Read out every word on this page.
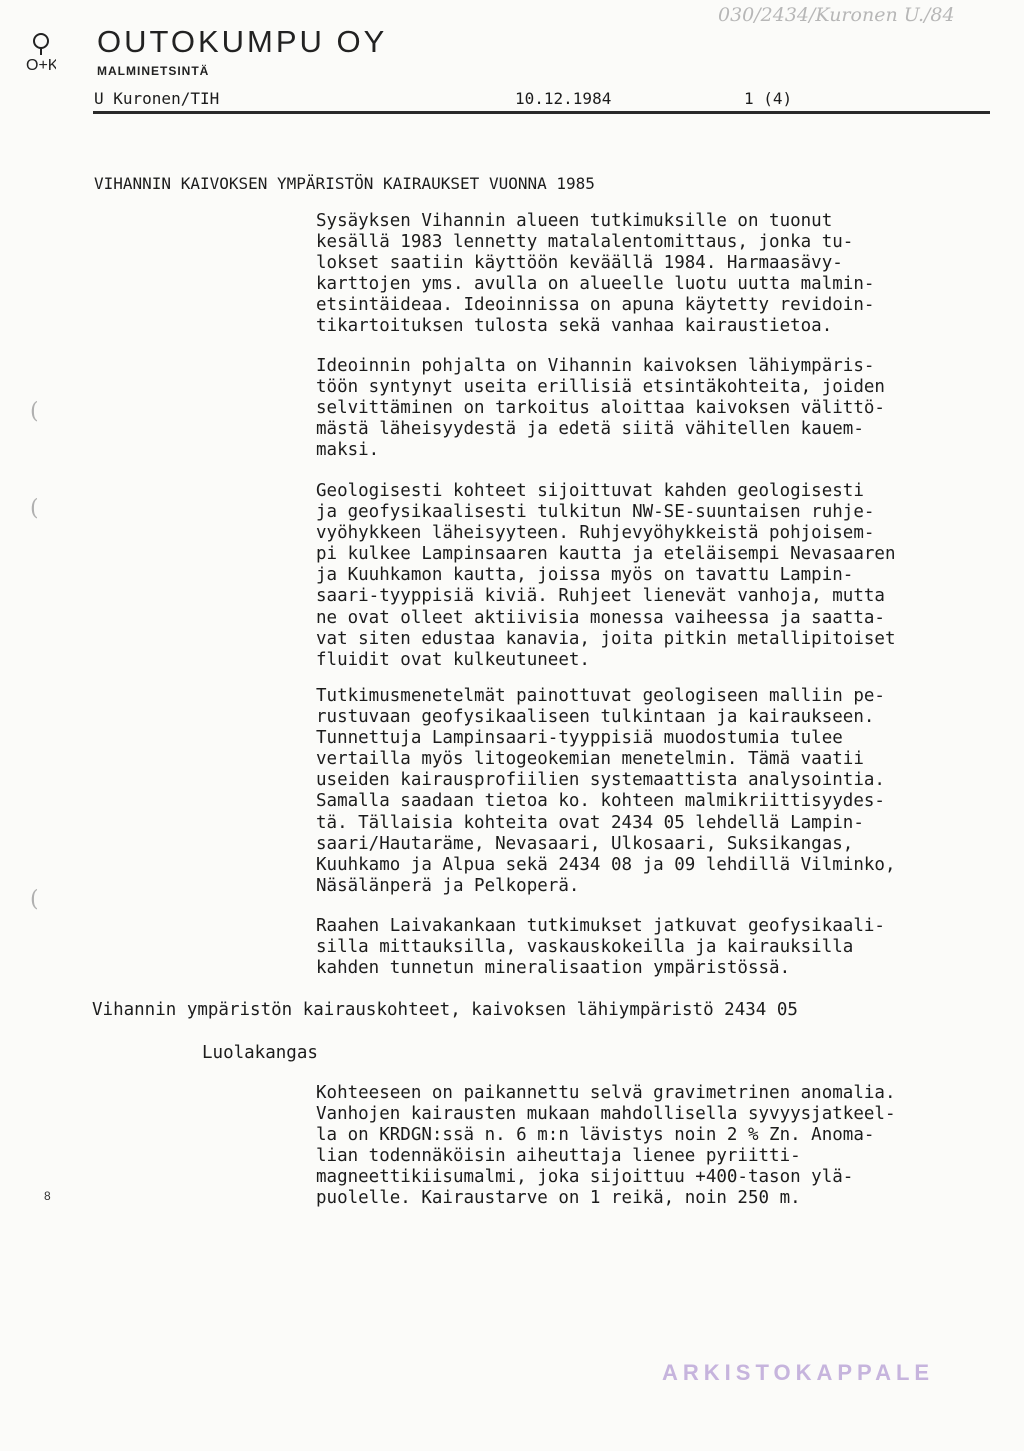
O+K
OUTOKUMPU OY
MALMINETSINTÄ
030/2434/Kuronen U./84
U Kuronen/TIH	10.12.1984	1 (4)
VIHANNIN KAIVOKSEN YMPÄRISTÖN KAIRAUKSET VUONNA 1985
Sysäyksen Vihannin alueen tutkimuksille on tuonut
kesällä 1983 lennetty matalalentomittaus, jonka tu-
lokset saatiin käyttöön keväällä 1984. Harmaasävy-
karttojen yms. avulla on alueelle luotu uutta malmin-
etsintäideaa. Ideoinnissa on apuna käytetty revidoin-
tikartoituksen tulosta sekä vanhaa kairaustietoa.
Ideoinnin pohjalta on Vihannin kaivoksen lähiympäris-
töön syntynyt useita erillisiä etsintäkohteita, joiden
selvittäminen on tarkoitus aloittaa kaivoksen välittö-
mästä läheisyydestä ja edetä siitä vähitellen kauem-
maksi.
Geologisesti kohteet sijoittuvat kahden geologisesti
ja geofysikaalisesti tulkitun NW-SE-suuntaisen ruhje-
vyöhykkeen läheisyyteen. Ruhjevyöhykkeistä pohjoisem-
pi kulkee Lampinsaaren kautta ja eteläisempi Nevasaaren
ja Kuuhkamon kautta, joissa myös on tavattu Lampin-
saari-tyyppisiä kiviä. Ruhjeet lienevät vanhoja, mutta
ne ovat olleet aktiivisia monessa vaiheessa ja saatta-
vat siten edustaa kanavia, joita pitkin metallipitoiset
fluidit ovat kulkeutuneet.
Tutkimusmenetelmät painottuvat geologiseen malliin pe-
rustuvaan geofysikaaliseen tulkintaan ja kairaukseen.
Tunnettuja Lampinsaari-tyyppisiä muodostumia tulee
vertailla myös litogeokemian menetelmin. Tämä vaatii
useiden kairausprofiilien systemaattista analysointia.
Samalla saadaan tietoa ko. kohteen malmikriittisyydes-
tä. Tällaisia kohteita ovat 2434 05 lehdellä Lampin-
saari/Hautaräme, Nevasaari, Ulkosaari, Suksikangas,
Kuuhkamo ja Alpua sekä 2434 08 ja 09 lehdillä Vilminko,
Näsälänperä ja Pelkoperä.
Raahen Laivakankaan tutkimukset jatkuvat geofysikaali-
silla mittauksilla, vaskauskokeilla ja kairauksilla
kahden tunnetun mineralisaation ympäristössä.
Vihannin ympäristön kairauskohteet, kaivoksen lähiympäristö 2434 05
Luolakangas
Kohteeseen on paikannettu selvä gravimetrinen anomalia.
Vanhojen kairausten mukaan mahdollisella syvyysjatkeel-
la on KRDGN:ssä n. 6 m:n lävistys noin 2 % Zn. Anoma-
lian todennäköisin aiheuttaja lienee pyriitti-
magneettikiisumalmi, joka sijoittuu +400-tason ylä-
puolelle. Kairaustarve on 1 reikä, noin 250 m.
(
(
(
8
ARKISTOKAPPALE
